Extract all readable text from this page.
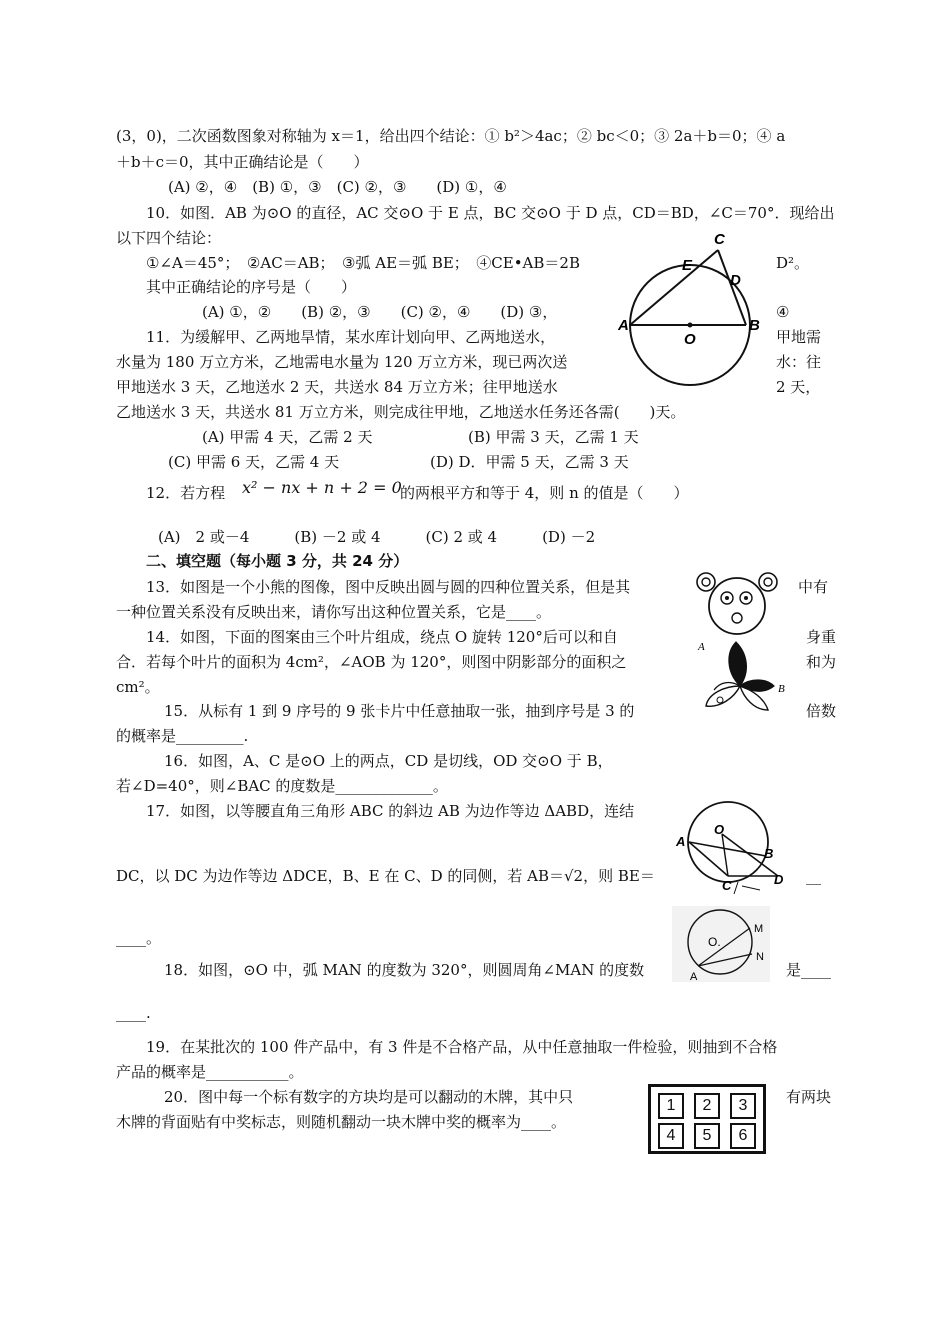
(3，0)，二次函数图象对称轴为 x＝1，给出四个结论：① b²＞4ac；② bc＜0；③ 2a＋b＝0；④ a
＋b＋c＝0，其中正确结论是（　　）
(A) ②，④　(B) ①，③　(C) ②，③　　(D) ①，④
10．如图．AB 为⊙O 的直径，AC 交⊙O 于 E 点，BC 交⊙O 于 D 点，CD＝BD，∠C＝70°．现给出
以下四个结论：
①∠A＝45°；　②AC＝AB；　③弧 AE＝弧 BE；　④CE•AB＝2B	D²。
其中正确结论的序号是（　　）
(A) ①，②　　(B) ②，③　　(C) ②，④　　(D) ③，	④
C
E
D
A
O
B
11．为缓解甲、乙两地旱情，某水库计划向甲、乙两地送水，	甲地需
水量为 180 万立方米，乙地需电水量为 120 万立方米，现已两次送	水：往
甲地送水 3 天，乙地送水 2 天，共送水 84 万立方米；往甲地送水	2 天，
乙地送水 3 天，共送水 81 万立方米，则完成往甲地，乙地送水任务还各需(　　)天。
(A) 甲需 4 天，乙需 2 天	(B) 甲需 3 天，乙需 1 天
(C) 甲需 6 天，乙需 4 天	(D) D．甲需 5 天，乙需 3 天
12．若方程 x² − nx + n + 2 = 0
的两根平方和等于 4，则 n 的值是（　　）
(A)　2 或－4　　　(B) －2 或 4　　　(C) 2 或 4　　　(D) －2
二、填空题（每小题 3 分，共 24 分）
13．如图是一个小熊的图像，图中反映出圆与圆的四种位置关系，但是其	中有
一种位置关系没有反映出来，请你写出这种位置关系，它是____。
14．如图，下面的图案由三个叶片组成，绕点 O 旋转 120°后可以和自	身重
合．若每个叶片的面积为 4cm²，∠AOB 为 120°，则图中阴影部分的面积之	和为
cm²。
A
B
15．从标有 1 到 9 序号的 9 张卡片中任意抽取一张，抽到序号是 3 的	倍数
的概率是_________.
16．如图，A、C 是⊙O 上的两点，CD 是切线，OD 交⊙O 于 B，
若∠D=40°，则∠BAC 的度数是_____________。
17．如图，以等腰直角三角形 ABC 的斜边 AB 为边作等边 ΔABD，连结
DC，以 DC 为边作等边 ΔDCE，B、E 在 C、D 的同侧，若 AB＝√2，则 BE＝	__
____。
A
O
B
C	D
O.
M
N
A
18．如图，⊙O 中，弧 MAN 的度数为 320°，则圆周角∠MAN 的度数	是____
____.
19．在某批次的 100 件产品中，有 3 件是不合格产品，从中任意抽取一件检验，则抽到不合格
产品的概率是___________。
20．图中每一个标有数字的方块均是可以翻动的木牌，其中只	有两块
木牌的背面贴有中奖标志，则随机翻动一块木牌中奖的概率为____。
1	2	3
4	5	6
